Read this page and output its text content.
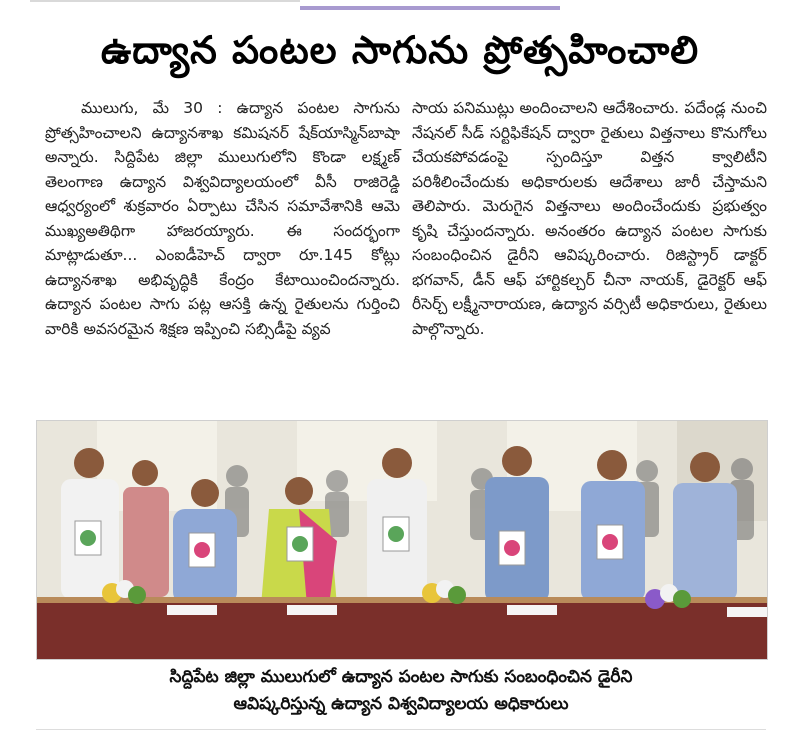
ఉద్యాన పంటల సాగును ప్రోత్సహించాలి
ములుగు, మే 30 : ఉద్యాన పంటల సాగును ప్రోత్సహించాలని ఉద్యానశాఖ కమిషనర్ షేక్‌యాస్మిన్‌బాషా అన్నారు. సిద్దిపేట జిల్లా ములుగులోని కొండా లక్ష్మణ్ తెలంగాణ ఉద్యాన విశ్వవిద్యాలయంలో వీసీ రాజిరెడ్డి ఆధ్వర్యంలో శుక్రవారం ఏర్పాటు చేసిన సమావేశానికి ఆమె ముఖ్యఅతిథిగా హాజరయ్యారు. ఈ సందర్భంగా మాట్లాడుతూ... ఎంఐడీహెచ్ ద్వారా రూ.145 కోట్లు ఉద్యానశాఖ అభివృద్ధికి కేంద్రం కేటాయించిందన్నారు. ఉద్యాన పంటల సాగు పట్ల ఆసక్తి ఉన్న రైతులను గుర్తించి వారికి అవసరమైన శిక్షణ ఇప్పించి సబ్సిడీపై వ్యవ
సాయ పనిముట్లు అందించాలని ఆదేశించారు. పదేండ్ల నుంచి నేషనల్ సీడ్ సర్టిఫికేషన్ ద్వారా రైతులు విత్తనాలు కొనుగోలు చేయకపోవడంపై స్పందిస్తూ విత్తన క్వాలిటీని పరిశీలించేందుకు అధికారులకు ఆదేశాలు జారీ చేస్తామని తెలిపారు. మెరుగైన విత్తనాలు అందించేందుకు ప్రభుత్వం కృషి చేస్తుందన్నారు. అనంతరం ఉద్యాన పంటల సాగుకు సంబంధించిన డైరీని ఆవిష్కరించారు. రిజిస్ట్రార్ డాక్టర్ భగవాన్, డీన్ ఆఫ్ హార్టికల్చర్ చీనా నాయక్, డైరెక్టర్ ఆఫ్ రీసెర్చ్ లక్ష్మీనారాయణ, ఉద్యాన వర్సిటీ అధికారులు, రైతులు పాల్గొన్నారు.
సిద్దిపేట జిల్లా ములుగులో ఉద్యాన పంటల సాగుకు సంబంధించిన డైరీని
ఆవిష్కరిస్తున్న ఉద్యాన విశ్వవిద్యాలయ అధికారులు
